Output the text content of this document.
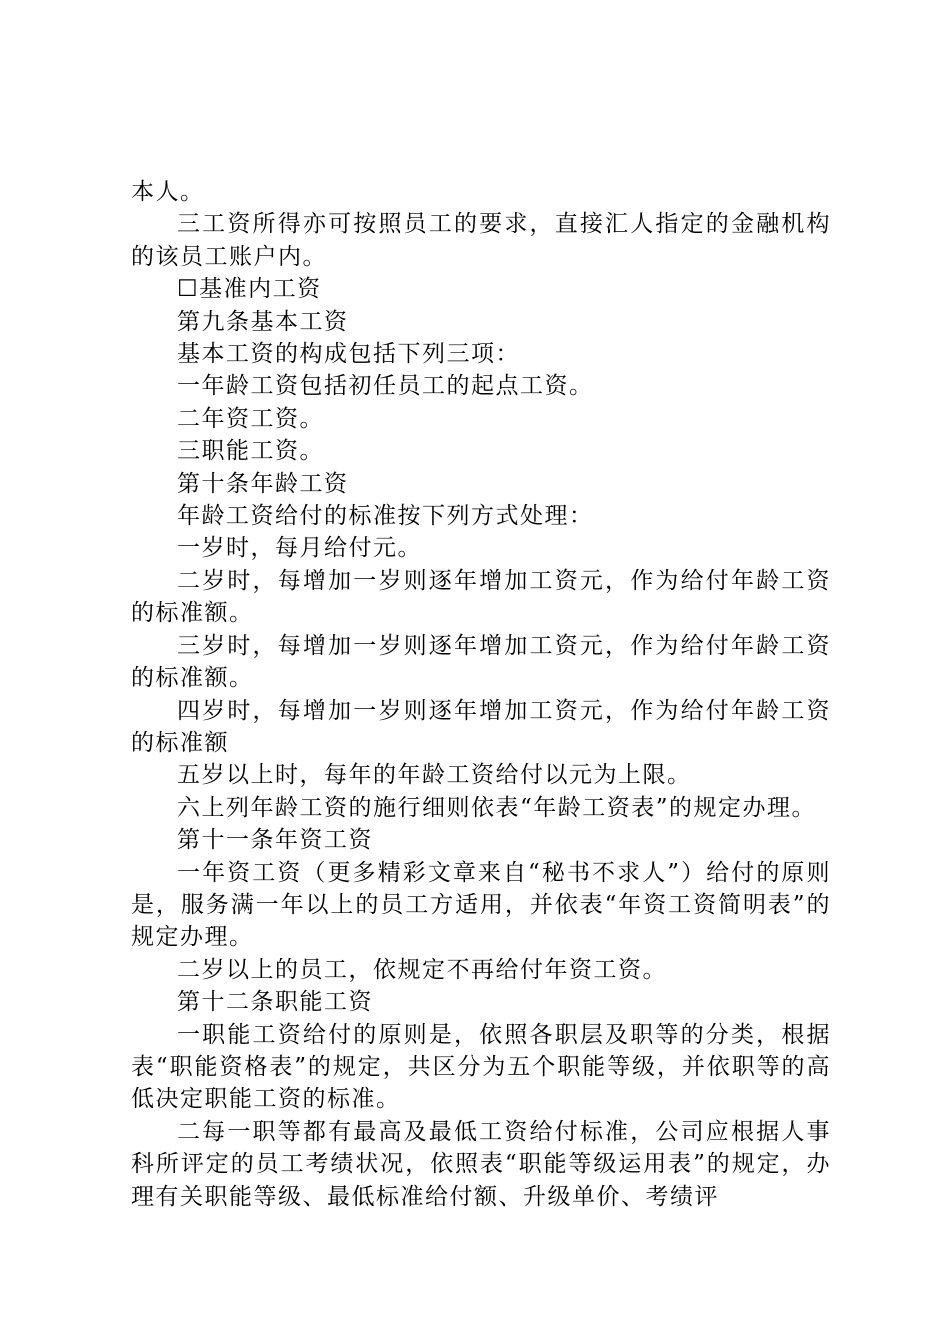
本人。

三工资所得亦可按照员工的要求，直接汇人指定的金融机构的该员工账户内。

☐基准内工资

第九条基本工资

基本工资的构成包括下列三项：

一年龄工资包括初任员工的起点工资。

二年资工资。

三职能工资。

第十条年龄工资

年龄工资给付的标准按下列方式处理：

一岁时，每月给付元。

二岁时，每增加一岁则逐年增加工资元，作为给付年龄工资的标准额。

三岁时，每增加一岁则逐年增加工资元，作为给付年龄工资的标准额。

四岁时，每增加一岁则逐年增加工资元，作为给付年龄工资的标准额

五岁以上时，每年的年龄工资给付以元为上限。

六上列年龄工资的施行细则依表“年龄工资表”的规定办理。

第十一条年资工资

一年资工资（更多精彩文章来自“秘书不求人”）给付的原则是，服务满一年以上的员工方适用，并依表“年资工资简明表”的规定办理。

二岁以上的员工，依规定不再给付年资工资。

第十二条职能工资

一职能工资给付的原则是，依照各职层及职等的分类，根据表“职能资格表”的规定，共区分为五个职能等级，并依职等的高低决定职能工资的标准。

二每一职等都有最高及最低工资给付标准，公司应根据人事科所评定的员工考绩状况，依照表“职能等级运用表”的规定，办理有关职能等级、最低标准给付额、升级单价、考绩评
